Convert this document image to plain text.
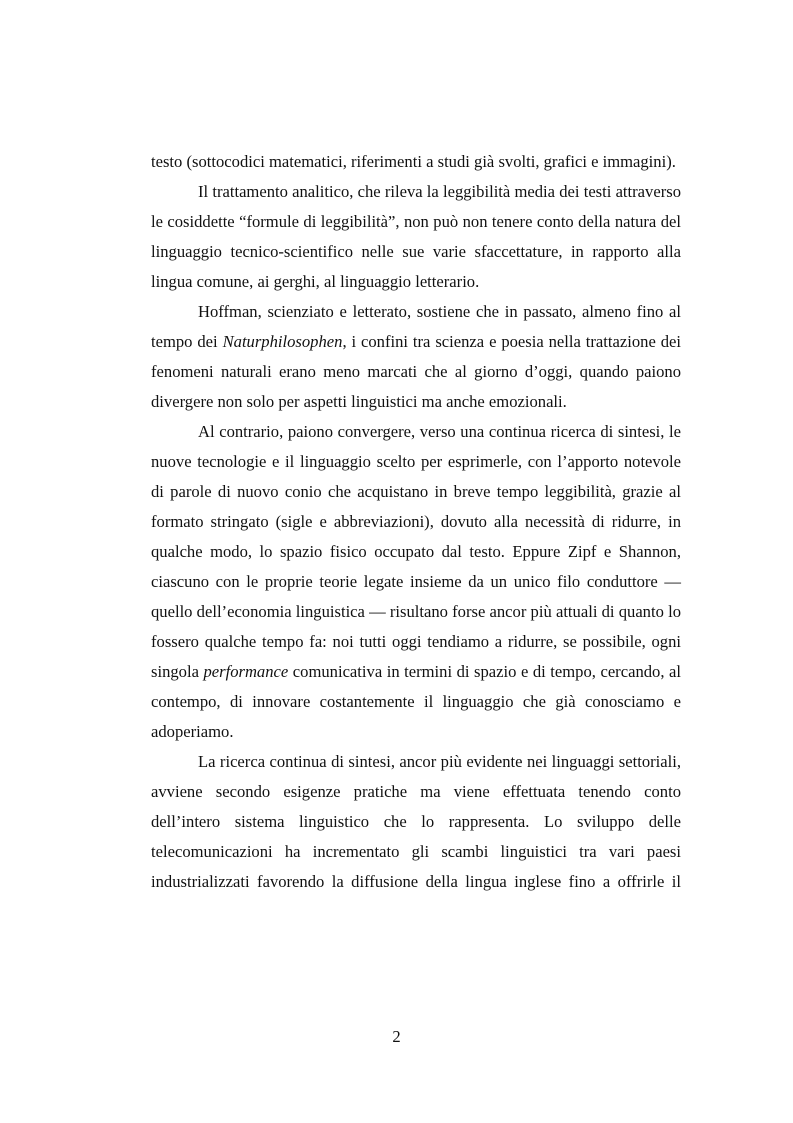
testo (sottocodici matematici, riferimenti a studi già svolti, grafici e immagini).

Il trattamento analitico, che rileva la leggibilità media dei testi attraverso le cosiddette “formule di leggibilità”, non può non tenere conto della natura del linguaggio tecnico-scientifico nelle sue varie sfaccettature, in rapporto alla lingua comune, ai gerghi, al linguaggio letterario.

Hoffman, scienziato e letterato, sostiene che in passato, almeno fino al tempo dei Naturphilosophen, i confini tra scienza e poesia nella trattazione dei fenomeni naturali erano meno marcati che al giorno d’oggi, quando paiono divergere non solo per aspetti linguistici ma anche emozionali.

Al contrario, paiono convergere, verso una continua ricerca di sintesi, le nuove tecnologie e il linguaggio scelto per esprimerle, con l’apporto notevole di parole di nuovo conio che acquistano in breve tempo leggibilità, grazie al formato stringato (sigle e abbreviazioni), dovuto alla necessità di ridurre, in qualche modo, lo spazio fisico occupato dal testo. Eppure Zipf e Shannon, ciascuno con le proprie teorie legate insieme da un unico filo conduttore — quello dell’economia linguistica — risultano forse ancor più attuali di quanto lo fossero qualche tempo fa: noi tutti oggi tendiamo a ridurre, se possibile, ogni singola performance comunicativa in termini di spazio e di tempo, cercando, al contempo, di innovare costantemente il linguaggio che già conosciamo e adoperiamo.

La ricerca continua di sintesi, ancor più evidente nei linguaggi settoriali, avviene secondo esigenze pratiche ma viene effettuata tenendo conto dell’intero sistema linguistico che lo rappresenta. Lo sviluppo delle telecomunicazioni ha incrementato gli scambi linguistici tra vari paesi industrializzati favorendo la diffusione della lingua inglese fino a offrirle il

2
